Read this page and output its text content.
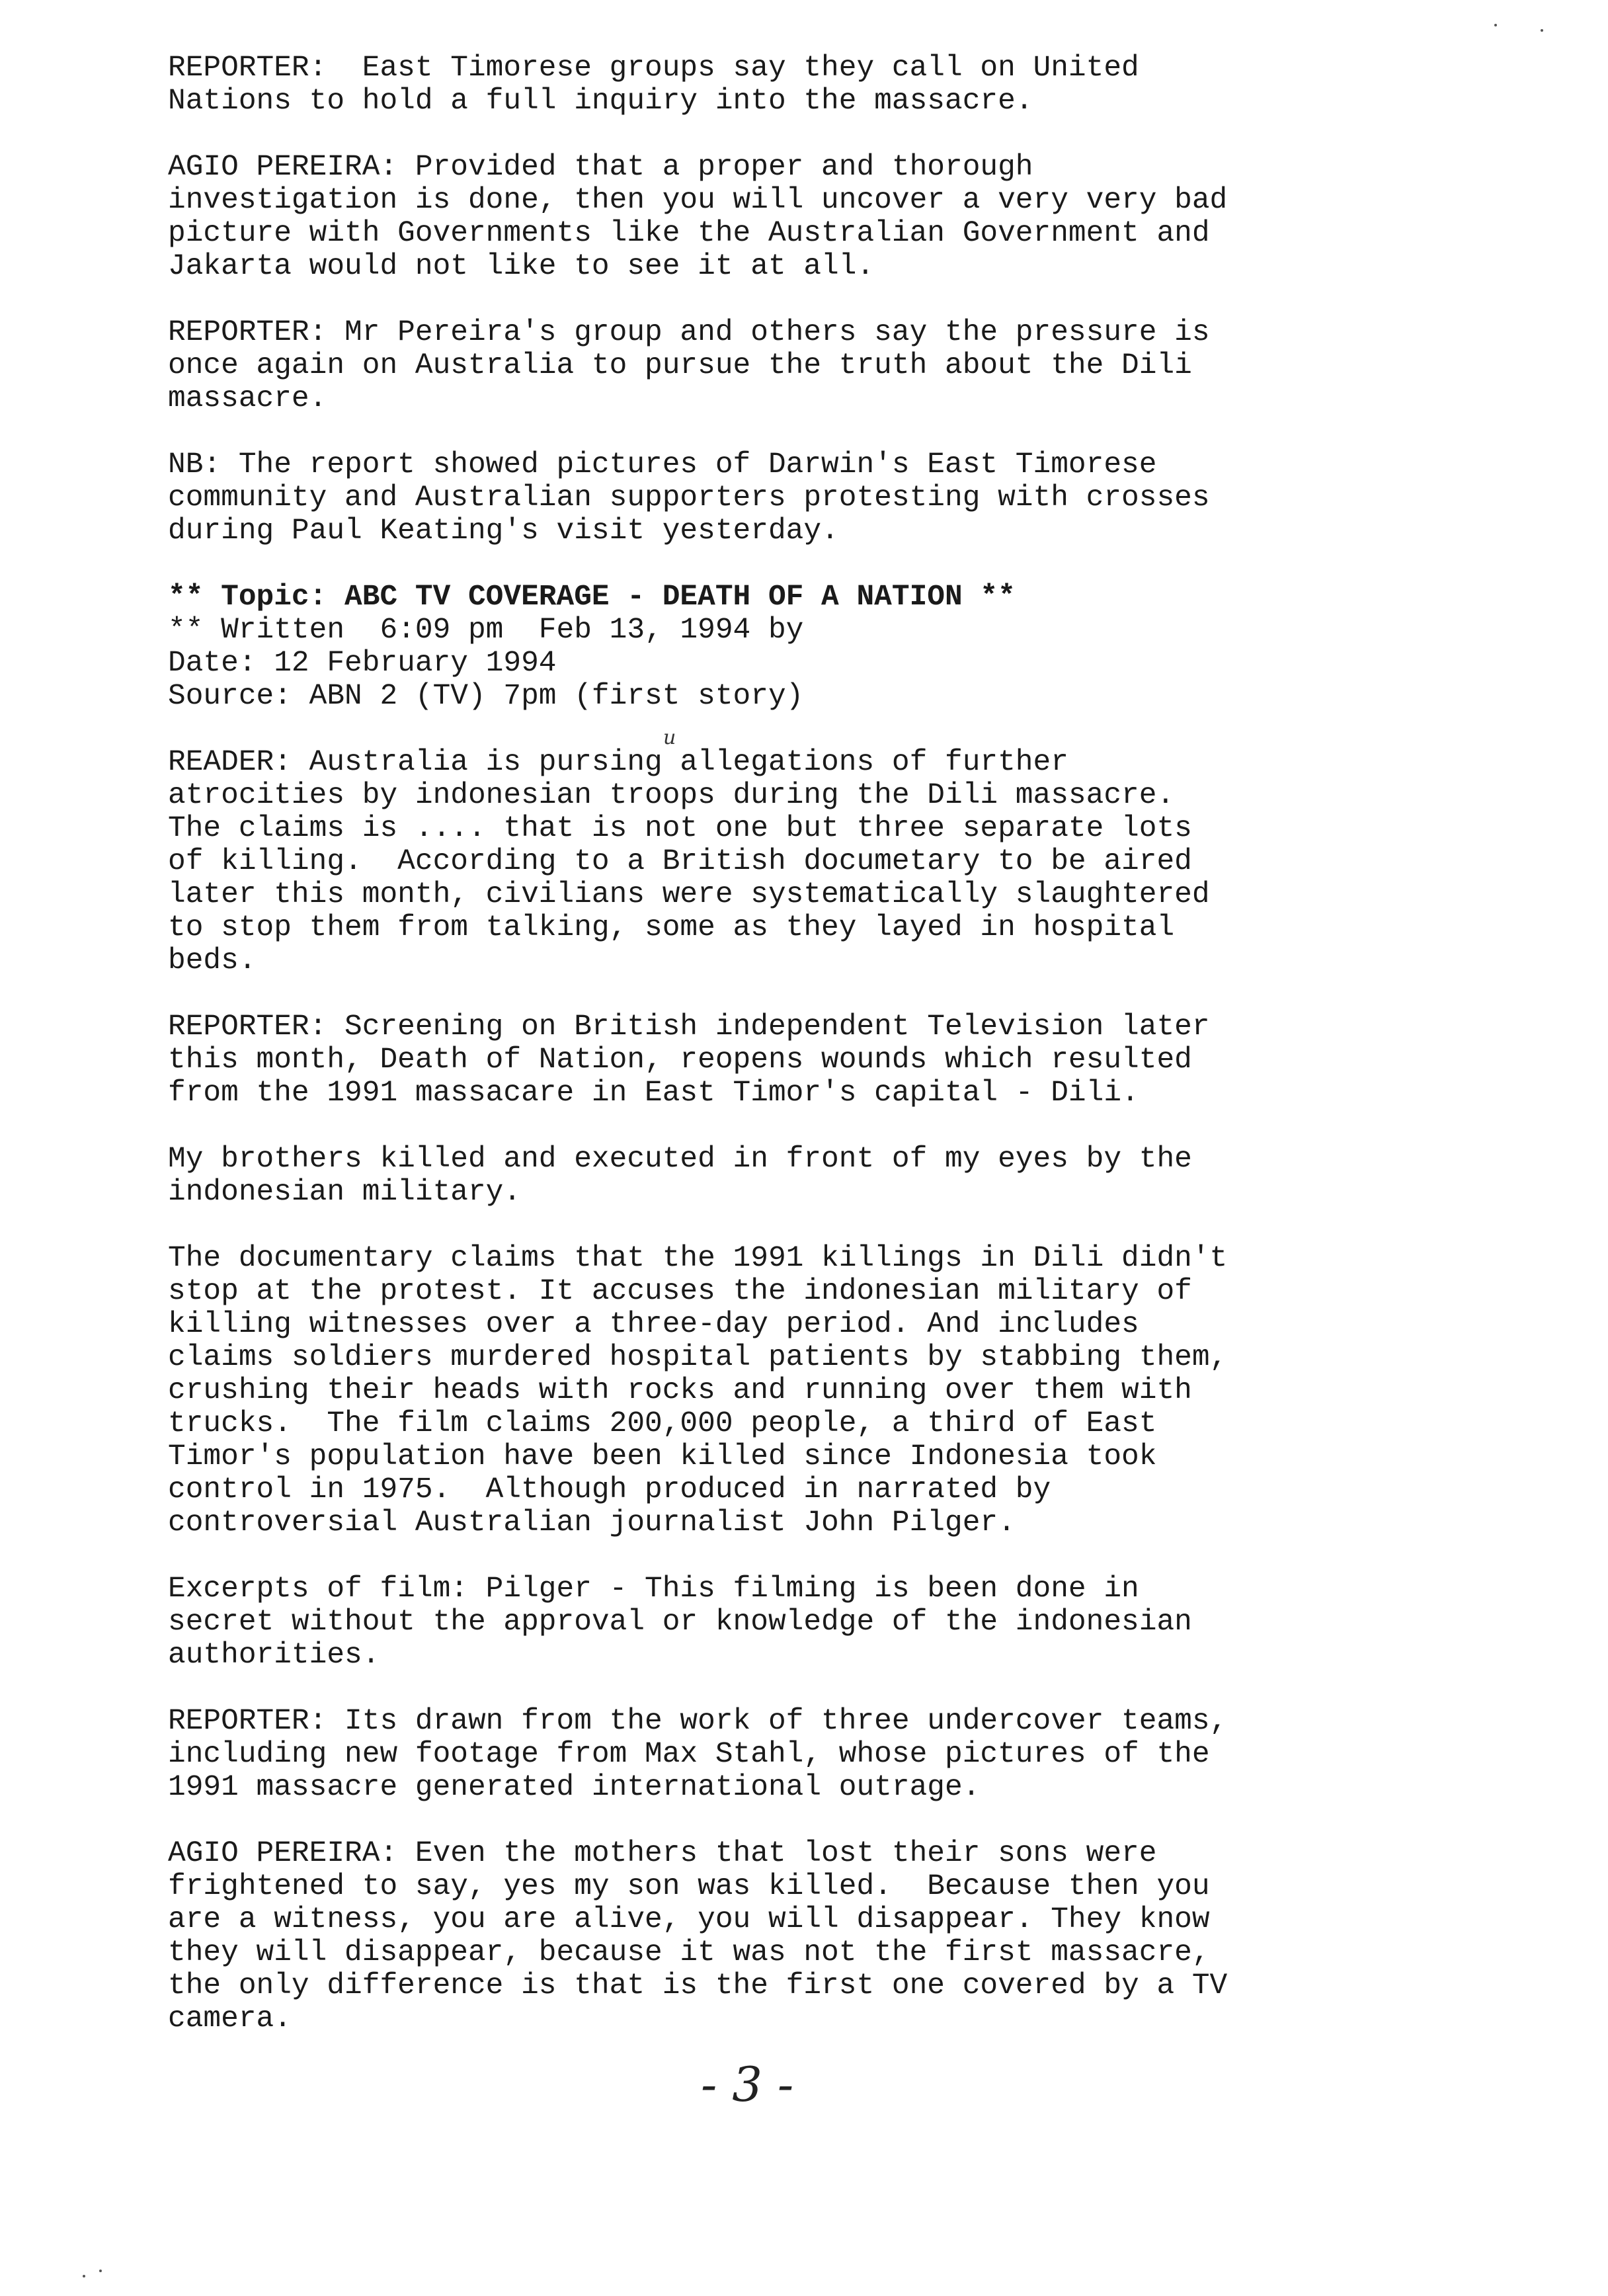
REPORTER:  East Timorese groups say they call on United
Nations to hold a full inquiry into the massacre.
AGIO PEREIRA: Provided that a proper and thorough
investigation is done, then you will uncover a very very bad
picture with Governments like the Australian Government and
Jakarta would not like to see it at all.
REPORTER: Mr Pereira's group and others say the pressure is
once again on Australia to pursue the truth about the Dili
massacre.
NB: The report showed pictures of Darwin's East Timorese
community and Australian supporters protesting with crosses
during Paul Keating's visit yesterday.
** Topic: ABC TV COVERAGE - DEATH OF A NATION **
** Written  6:09 pm  Feb 13, 1994 by
Date: 12 February 1994
Source: ABN 2 (TV) 7pm (first story)
READER: Australia is pursing allegations of further
atrocities by indonesian troops during the Dili massacre.
The claims is .... that is not one but three separate lots
of killing.  According to a British documetary to be aired
later this month, civilians were systematically slaughtered
to stop them from talking, some as they layed in hospital
beds.
REPORTER: Screening on British independent Television later
this month, Death of Nation, reopens wounds which resulted
from the 1991 massacare in East Timor's capital - Dili.
My brothers killed and executed in front of my eyes by the
indonesian military.
The documentary claims that the 1991 killings in Dili didn't
stop at the protest. It accuses the indonesian military of
killing witnesses over a three-day period. And includes
claims soldiers murdered hospital patients by stabbing them,
crushing their heads with rocks and running over them with
trucks.  The film claims 200,000 people, a third of East
Timor's population have been killed since Indonesia took
control in 1975.  Although produced in narrated by
controversial Australian journalist John Pilger.
Excerpts of film: Pilger - This filming is been done in
secret without the approval or knowledge of the indonesian
authorities.
REPORTER: Its drawn from the work of three undercover teams,
including new footage from Max Stahl, whose pictures of the
1991 massacre generated international outrage.
AGIO PEREIRA: Even the mothers that lost their sons were
frightened to say, yes my son was killed.  Because then you
are a witness, you are alive, you will disappear. They know
they will disappear, because it was not the first massacre,
the only difference is that is the first one covered by a TV
camera.
u
- 3 -
